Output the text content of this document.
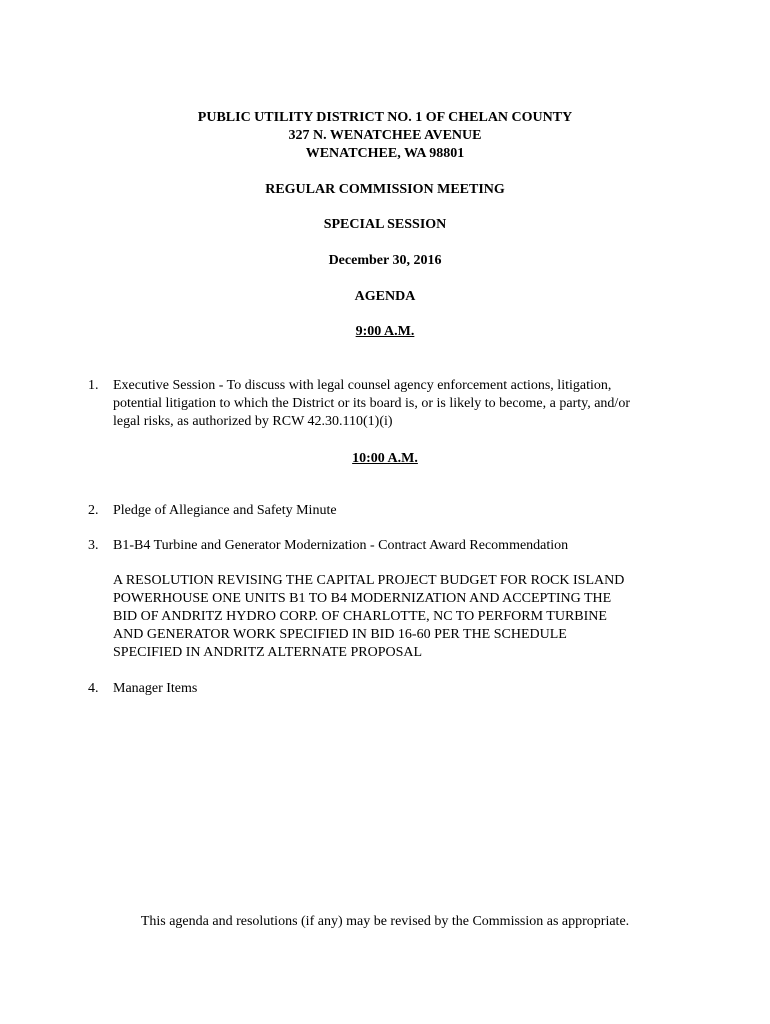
PUBLIC UTILITY DISTRICT NO. 1 OF CHELAN COUNTY
327 N. WENATCHEE AVENUE
WENATCHEE, WA 98801
REGULAR COMMISSION MEETING
SPECIAL SESSION
December 30, 2016
AGENDA
9:00 A.M.
1. Executive Session - To discuss with legal counsel agency enforcement actions, litigation,
potential litigation to which the District or its board is, or is likely to become, a party, and/or
legal risks, as authorized by RCW 42.30.110(1)(i)
10:00 A.M.
2. Pledge of Allegiance and Safety Minute
3. B1-B4 Turbine and Generator Modernization - Contract Award Recommendation
A RESOLUTION REVISING THE CAPITAL PROJECT BUDGET FOR ROCK ISLAND
POWERHOUSE ONE UNITS B1 TO B4 MODERNIZATION AND ACCEPTING THE
BID OF ANDRITZ HYDRO CORP. OF CHARLOTTE, NC TO PERFORM TURBINE
AND GENERATOR WORK SPECIFIED IN BID 16-60 PER THE SCHEDULE
SPECIFIED IN ANDRITZ ALTERNATE PROPOSAL
4. Manager Items
This agenda and resolutions (if any) may be revised by the Commission as appropriate.
